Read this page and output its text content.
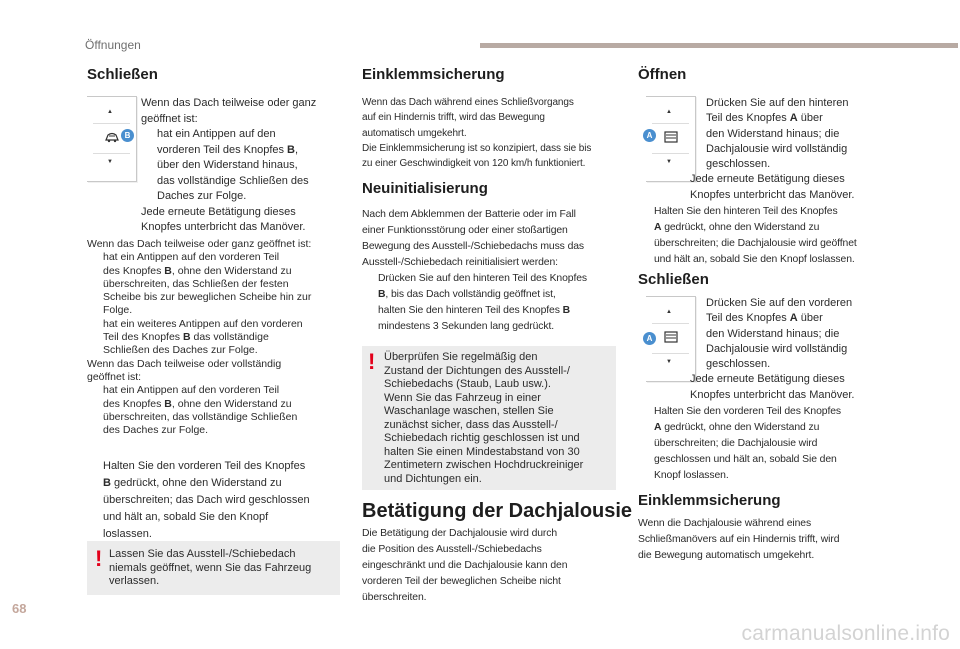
Öffnungen
Schließen
▲
▼
B

Wenn das Dach teilweise oder ganz
geöffnet ist:

hat ein Antippen auf den
vorderen Teil des Knopfes B,
über den Widerstand hinaus,
das vollständige Schließen des
Daches zur Folge.

Jede erneute Betätigung dieses
Knopfes unterbricht das Manöver.

Wenn das Dach teilweise oder ganz geöffnet ist:

hat ein Antippen auf den vorderen Teil
des Knopfes B, ohne den Widerstand zu
überschreiten, das Schließen der festen
Scheibe bis zur beweglichen Scheibe hin zur
Folge.
hat ein weiteres Antippen auf den vorderen
Teil des Knopfes B das vollständige
Schließen des Daches zur Folge.

Wenn das Dach teilweise oder vollständig
geöffnet ist:

hat ein Antippen auf den vorderen Teil
des Knopfes B, ohne den Widerstand zu
überschreiten, das vollständige Schließen
des Daches zur Folge.
Halten Sie den vorderen Teil des Knopfes
B gedrückt, ohne den Widerstand zu
überschreiten; das Dach wird geschlossen
und hält an, sobald Sie den Knopf
loslassen.
! Lassen Sie das Ausstell-/Schiebedach
niemals geöffnet, wenn Sie das Fahrzeug
verlassen.

Einklemmsicherung

Wenn das Dach während eines Schließvorgangs
auf ein Hindernis trifft, wird das Bewegung
automatisch umgekehrt.
Die Einklemmsicherung ist so konzipiert, dass sie bis
zu einer Geschwindigkeit von 120 km/h funktioniert.

Neuinitialisierung

Nach dem Abklemmen der Batterie oder im Fall
einer Funktionsstörung oder einer stoßartigen
Bewegung des Ausstell-/Schiebedachs muss das
Ausstell-/Schiebedach reinitialisiert werden:

Drücken Sie auf den hinteren Teil des Knopfes
B, bis das Dach vollständig geöffnet ist,
halten Sie den hinteren Teil des Knopfes B
mindestens 3 Sekunden lang gedrückt.
! Überprüfen Sie regelmäßig den
Zustand der Dichtungen des Ausstell-/
Schiebedachs (Staub, Laub usw.).
Wenn Sie das Fahrzeug in einer
Waschanlage waschen, stellen Sie
zunächst sicher, dass das Ausstell-/
Schiebedach richtig geschlossen ist und
halten Sie einen Mindestabstand von 30
Zentimetern zwischen Hochdruckreiniger
und Dichtungen ein.

Betätigung der Dachjalousie

Die Betätigung der Dachjalousie wird durch
die Position des Ausstell-/Schiebedachs
eingeschränkt und die Dachjalousie kann den
vorderen Teil der beweglichen Scheibe nicht
überschreiten.

Öffnen
▲
▼
A
Drücken Sie auf den hinteren
Teil des Knopfes A über
den Widerstand hinaus; die
Dachjalousie wird vollständig
geschlossen.

Jede erneute Betätigung dieses
Knopfes unterbricht das Manöver.

Halten Sie den hinteren Teil des Knopfes
A gedrückt, ohne den Widerstand zu
überschreiten; die Dachjalousie wird geöffnet
und hält an, sobald Sie den Knopf loslassen.
Schließen
▲
▼
A
Drücken Sie auf den vorderen
Teil des Knopfes A über
den Widerstand hinaus; die
Dachjalousie wird vollständig
geschlossen.

Jede erneute Betätigung dieses
Knopfes unterbricht das Manöver.

Halten Sie den vorderen Teil des Knopfes
A gedrückt, ohne den Widerstand zu
überschreiten; die Dachjalousie wird
geschlossen und hält an, sobald Sie den
Knopf loslassen.
Einklemmsicherung

Wenn die Dachjalousie während eines
Schließmanövers auf ein Hindernis trifft, wird
die Bewegung automatisch umgekehrt.

68
carmanualsonline.info
